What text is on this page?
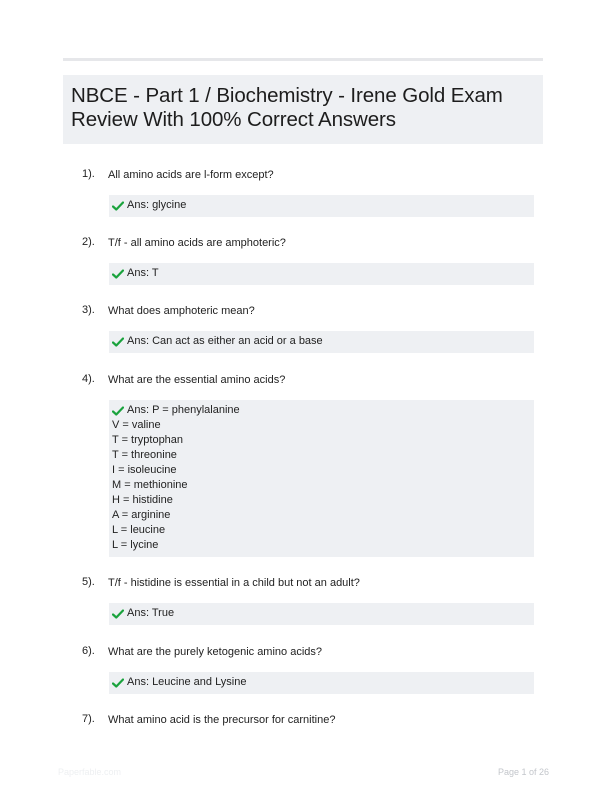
NBCE - Part 1 / Biochemistry - Irene Gold Exam
Review With 100% Correct Answers
1).	All amino acids are l-form except?
Ans: glycine
2).	T/f - all amino acids are amphoteric?
Ans: T
3).	What does amphoteric mean?
Ans: Can act as either an acid or a base
4).	What are the essential amino acids?
Ans: P = phenylalanine
V = valine
T = tryptophan
T = threonine
I = isoleucine
M = methionine
H = histidine
A = arginine
L = leucine
L = lycine
5).	T/f - histidine is essential in a child but not an adult?
Ans: True
6).	What are the purely ketogenic amino acids?
Ans: Leucine and Lysine
7).	What amino acid is the precursor for carnitine?
Paperfable.com	Page 1 of 26
